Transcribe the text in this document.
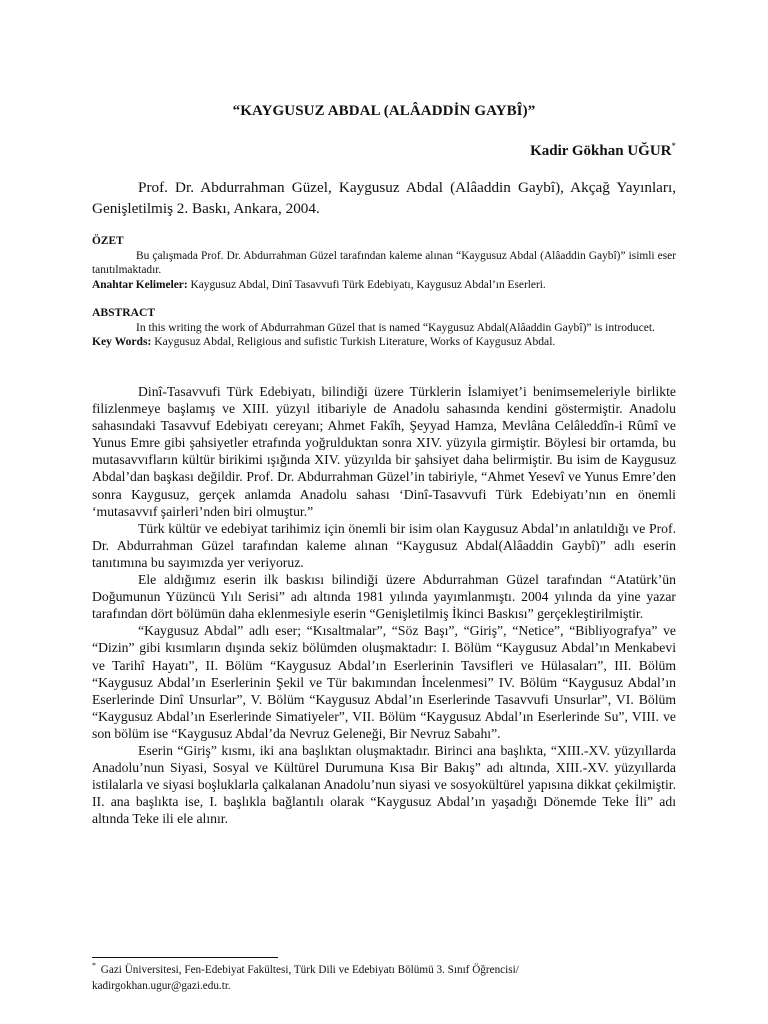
“KAYGUSUZ ABDAL (ALÂADDİN GAYBÎ)”
Kadir Gökhan UĞUR*
Prof. Dr. Abdurrahman Güzel, Kaygusuz Abdal (Alâaddin Gaybî), Akçağ Yayınları, Genişletilmiş 2. Baskı, Ankara, 2004.
ÖZET
Bu çalışmada Prof. Dr. Abdurrahman Güzel tarafından kaleme alınan “Kaygusuz Abdal (Alâaddin Gaybî)” isimli eser tanıtılmaktadır.
Anahtar Kelimeler: Kaygusuz Abdal, Dinî Tasavvufi Türk Edebiyatı, Kaygusuz Abdal’ın Eserleri.
ABSTRACT
In this writing the work of Abdurrahman Güzel that is named “Kaygusuz Abdal(Alâaddin Gaybî)” is introducet.
Key Words: Kaygusuz Abdal, Religious and sufistic Turkish Literature, Works of Kaygusuz Abdal.

Dinî-Tasavvufi Türk Edebiyatı, bilindiği üzere Türklerin İslamiyet’i benimsemeleriyle birlikte filizlenmeye başlamış ve XIII. yüzyıl itibariyle de Anadolu sahasında kendini göstermiştir. Anadolu sahasındaki Tasavvuf Edebiyatı cereyanı; Ahmet Fakîh, Şeyyad Hamza, Mevlâna Celâleddîn-i Rûmî ve Yunus Emre gibi şahsiyetler etrafında yoğrulduktan sonra XIV. yüzyıla girmiştir. Böylesi bir ortamda, bu mutasavvıfların kültür birikimi ışığında XIV. yüzyılda bir şahsiyet daha belirmiştir. Bu isim de Kaygusuz Abdal’dan başkası değildir. Prof. Dr. Abdurrahman Güzel’in tabiriyle, “Ahmet Yesevî ve Yunus Emre’den sonra Kaygusuz, gerçek anlamda Anadolu sahası ‘Dinî-Tasavvufi Türk Edebiyatı’nın en önemli ‘mutasavvıf şairleri’nden biri olmuştur.”

Türk kültür ve edebiyat tarihimiz için önemli bir isim olan Kaygusuz Abdal’ın anlatıldığı ve Prof. Dr. Abdurrahman Güzel tarafından kaleme alınan “Kaygusuz Abdal(Alâaddin Gaybî)” adlı eserin tanıtımına bu sayımızda yer veriyoruz.

Ele aldığımız eserin ilk baskısı bilindiği üzere Abdurrahman Güzel tarafından “Atatürk’ün Doğumunun Yüzüncü Yılı Serisi” adı altında 1981 yılında yayımlanmıştı. 2004 yılında da yine yazar tarafından dört bölümün daha eklenmesiyle eserin “Genişletilmiş İkinci Baskısı” gerçekleştirilmiştir.

“Kaygusuz Abdal” adlı eser; “Kısaltmalar”, “Söz Başı”, “Giriş”, “Netice”, “Bibliyografya” ve “Dizin” gibi kısımların dışında sekiz bölümden oluşmaktadır: I. Bölüm “Kaygusuz Abdal’ın Menkabevi ve Tarihî Hayatı”, II. Bölüm “Kaygusuz Abdal’ın Eserlerinin Tavsifleri ve Hülasaları”, III. Bölüm “Kaygusuz Abdal’ın Eserlerinin Şekil ve Tür bakımından İncelenmesi” IV. Bölüm “Kaygusuz Abdal’ın Eserlerinde Dinî Unsurlar”, V. Bölüm “Kaygusuz Abdal’ın Eserlerinde Tasavvufi Unsurlar”, VI. Bölüm “Kaygusuz Abdal’ın Eserlerinde Simatiyeler”, VII. Bölüm “Kaygusuz Abdal’ın Eserlerinde Su”, VIII. ve son bölüm ise “Kaygusuz Abdal’da Nevruz Geleneği, Bir Nevruz Sabahı”.

Eserin “Giriş” kısmı, iki ana başlıktan oluşmaktadır. Birinci ana başlıkta, “XIII.-XV. yüzyıllarda Anadolu’nun Siyasi, Sosyal ve Kültürel Durumuna Kısa Bir Bakış” adı altında, XIII.-XV. yüzyıllarda istilalarla ve siyasi boşluklarla çalkalanan Anadolu’nun siyasi ve sosyokültürel yapısına dikkat çekilmiştir. II. ana başlıkta ise, I. başlıkla bağlantılı olarak “Kaygusuz Abdal’ın yaşadığı Dönemde Teke İli” adı altında Teke ili ele alınır.

* Gazi Üniversitesi, Fen-Edebiyat Fakültesi, Türk Dili ve Edebiyatı Bölümü 3. Sınıf Öğrencisi/
kadirgokhan.ugur@gazi.edu.tr.
